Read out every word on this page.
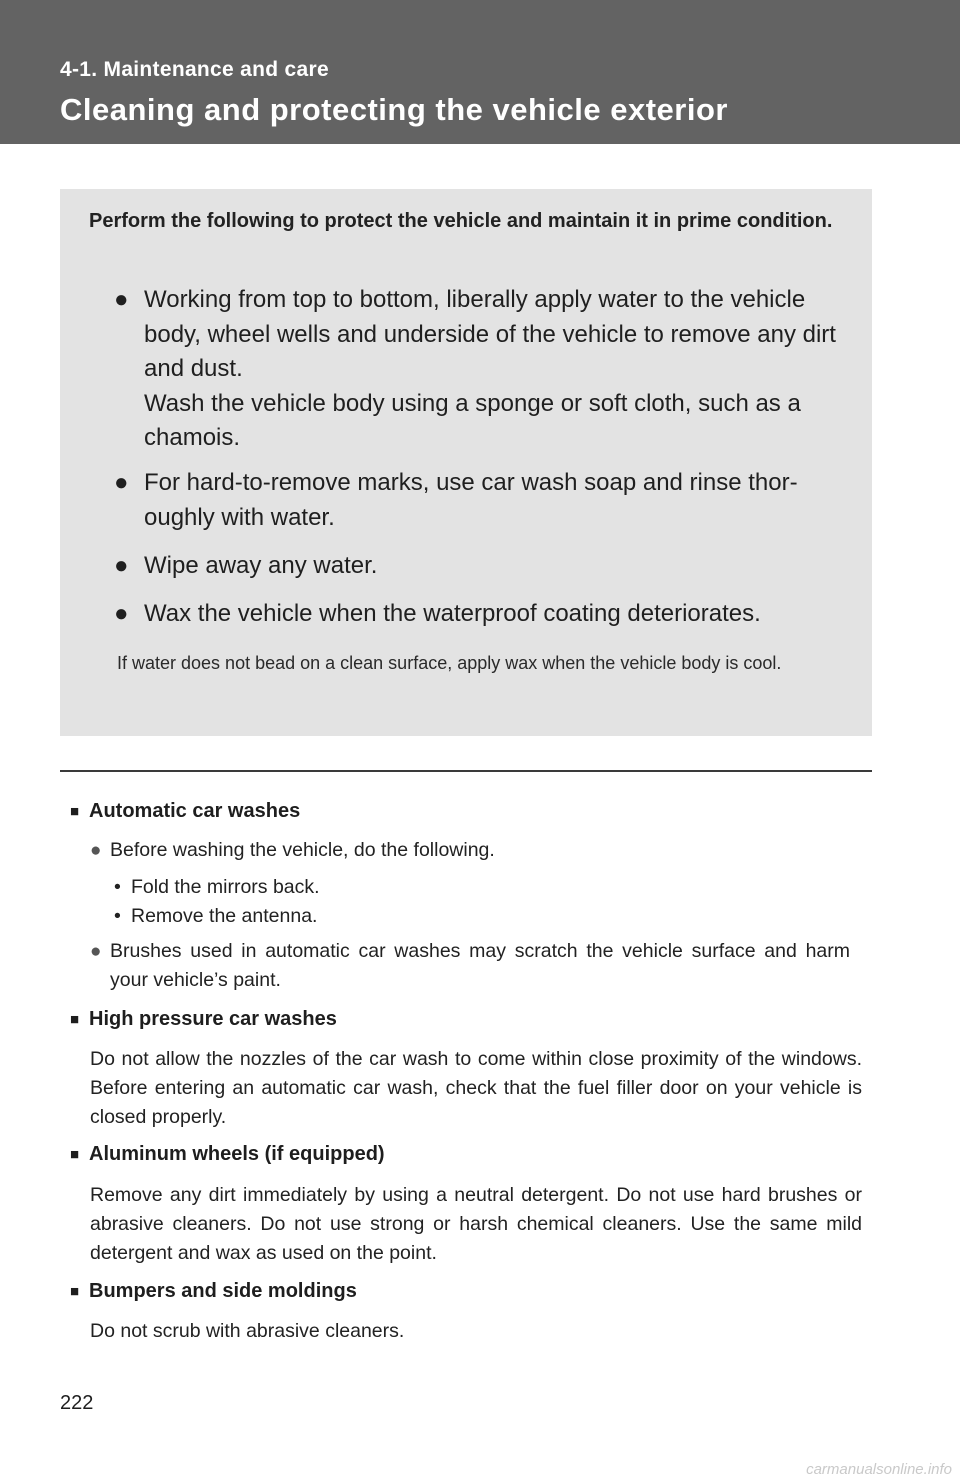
4-1. Maintenance and care
Cleaning and protecting the vehicle exterior
Perform the following to protect the vehicle and maintain it in prime condition.
● Working from top to bottom, liberally apply water to the vehicle body, wheel wells and underside of the vehicle to remove any dirt and dust.
Wash the vehicle body using a sponge or soft cloth, such as a chamois.
● For hard-to-remove marks, use car wash soap and rinse thor-oughly with water.
● Wipe away any water.
● Wax the vehicle when the waterproof coating deteriorates.
If water does not bead on a clean surface, apply wax when the vehicle body is cool.
■ Automatic car washes
● Before washing the vehicle, do the following.
• Fold the mirrors back.
• Remove the antenna.
● Brushes used in automatic car washes may scratch the vehicle surface and harm your vehicle’s paint.
■ High pressure car washes
Do not allow the nozzles of the car wash to come within close proximity of the windows. Before entering an automatic car wash, check that the fuel filler door on your vehicle is closed properly.
■ Aluminum wheels (if equipped)
Remove any dirt immediately by using a neutral detergent. Do not use hard brushes or abrasive cleaners. Do not use strong or harsh chemical cleaners. Use the same mild detergent and wax as used on the point.
■ Bumpers and side moldings
Do not scrub with abrasive cleaners.
222
carmanualsonline.info
